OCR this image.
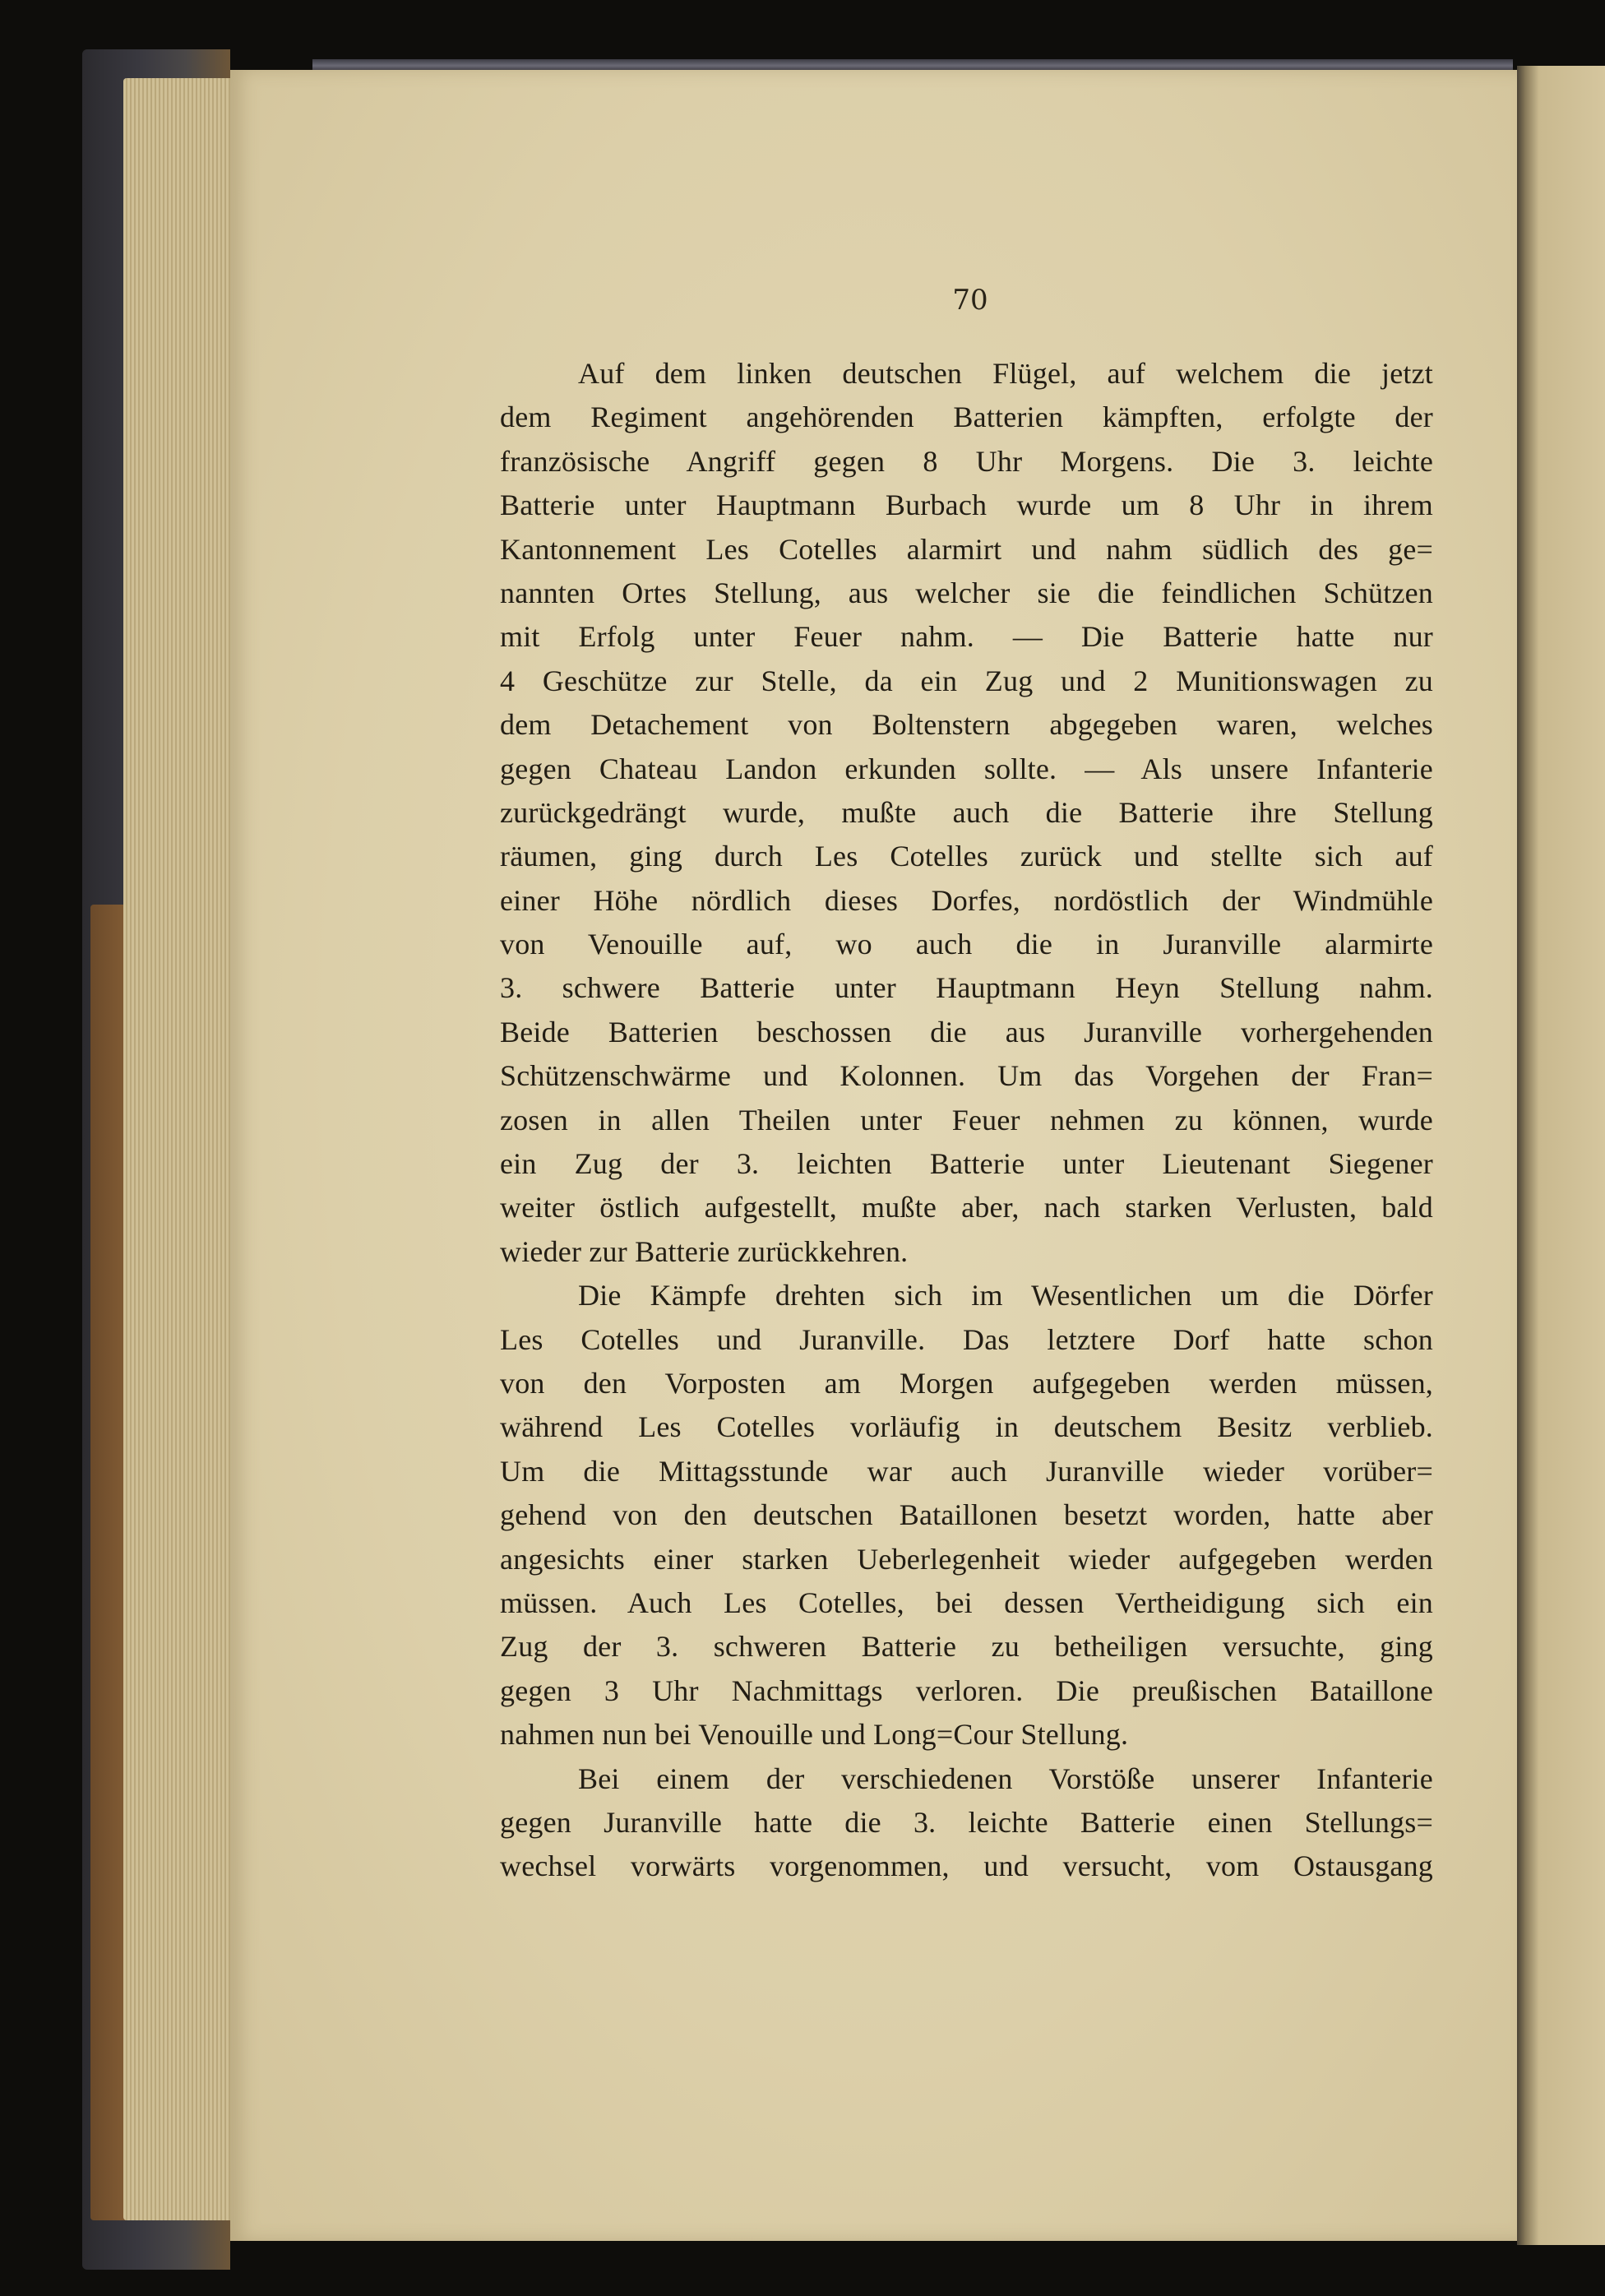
70
Auf dem linken deutschen Flügel, auf welchem die jetzt
dem Regiment angehörenden Batterien kämpften, erfolgte der
französische Angriff gegen 8 Uhr Morgens. Die 3. leichte
Batterie unter Hauptmann Burbach wurde um 8 Uhr in ihrem
Kantonnement Les Cotelles alarmirt und nahm südlich des ge=
nannten Ortes Stellung, aus welcher sie die feindlichen Schützen
mit Erfolg unter Feuer nahm. — Die Batterie hatte nur
4 Geschütze zur Stelle, da ein Zug und 2 Munitionswagen zu
dem Detachement von Boltenstern abgegeben waren, welches
gegen Chateau Landon erkunden sollte. — Als unsere Infanterie
zurückgedrängt wurde, mußte auch die Batterie ihre Stellung
räumen, ging durch Les Cotelles zurück und stellte sich auf
einer Höhe nördlich dieses Dorfes, nordöstlich der Windmühle
von Venouille auf, wo auch die in Juranville alarmirte
3. schwere Batterie unter Hauptmann Heyn Stellung nahm.
Beide Batterien beschossen die aus Juranville vorhergehenden
Schützenschwärme und Kolonnen. Um das Vorgehen der Fran=
zosen in allen Theilen unter Feuer nehmen zu können, wurde
ein Zug der 3. leichten Batterie unter Lieutenant Siegener
weiter östlich aufgestellt, mußte aber, nach starken Verlusten, bald
wieder zur Batterie zurückkehren.
Die Kämpfe drehten sich im Wesentlichen um die Dörfer
Les Cotelles und Juranville. Das letztere Dorf hatte schon
von den Vorposten am Morgen aufgegeben werden müssen,
während Les Cotelles vorläufig in deutschem Besitz verblieb.
Um die Mittagsstunde war auch Juranville wieder vorüber=
gehend von den deutschen Bataillonen besetzt worden, hatte aber
angesichts einer starken Ueberlegenheit wieder aufgegeben werden
müssen. Auch Les Cotelles, bei dessen Vertheidigung sich ein
Zug der 3. schweren Batterie zu betheiligen versuchte, ging
gegen 3 Uhr Nachmittags verloren. Die preußischen Bataillone
nahmen nun bei Venouille und Long=Cour Stellung.
Bei einem der verschiedenen Vorstöße unserer Infanterie
gegen Juranville hatte die 3. leichte Batterie einen Stellungs=
wechsel vorwärts vorgenommen, und versucht, vom Ostausgang
